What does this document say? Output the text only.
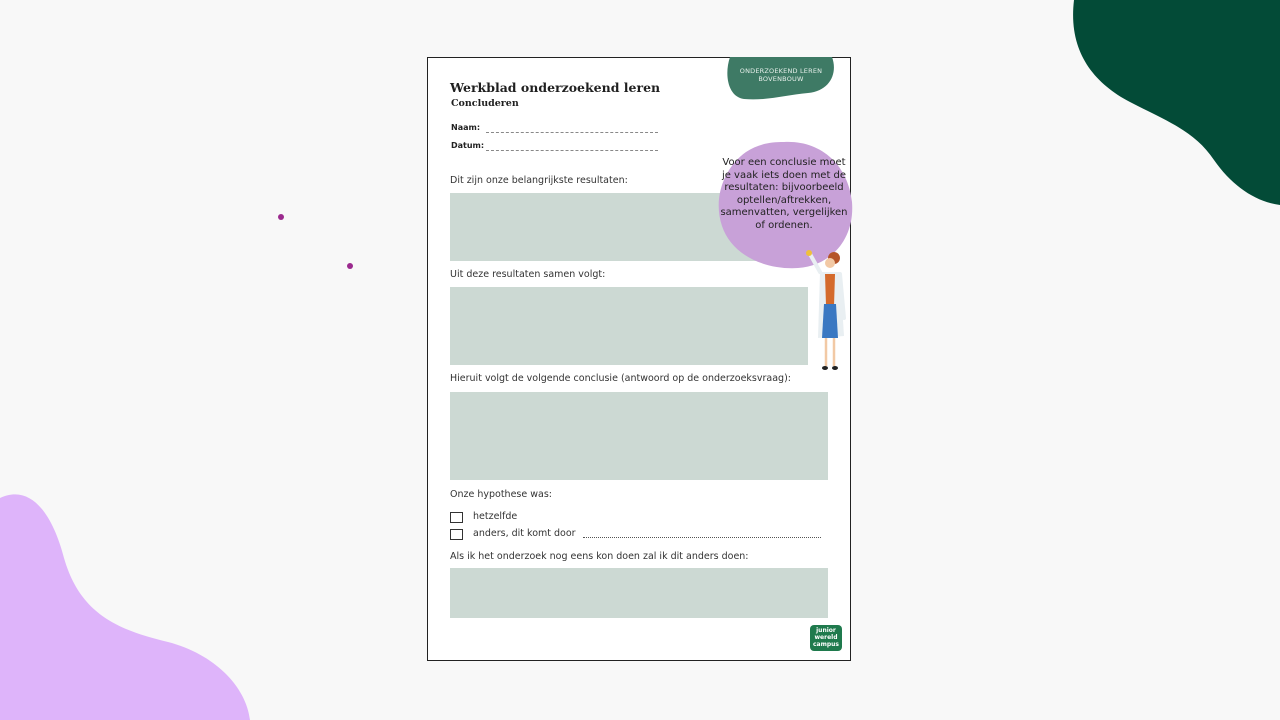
ONDERZOEKEND LEREN BOVENBOUW
Werkblad onderzoekend leren
Concluderen
Naam:
Datum:
Dit zijn onze belangrijkste resultaten:
Uit deze resultaten samen volgt:
Hieruit volgt de volgende conclusie (antwoord op de onderzoeksvraag):
Onze hypothese was:
hetzelfde
anders, dit komt door
Als ik het onderzoek nog eens kon doen zal ik dit anders doen:
Voor een conclusie moet je vaak iets doen met de resultaten: bijvoorbeeld optellen/aftrekken, samenvatten, vergelijken of ordenen.
junior wereld campus
